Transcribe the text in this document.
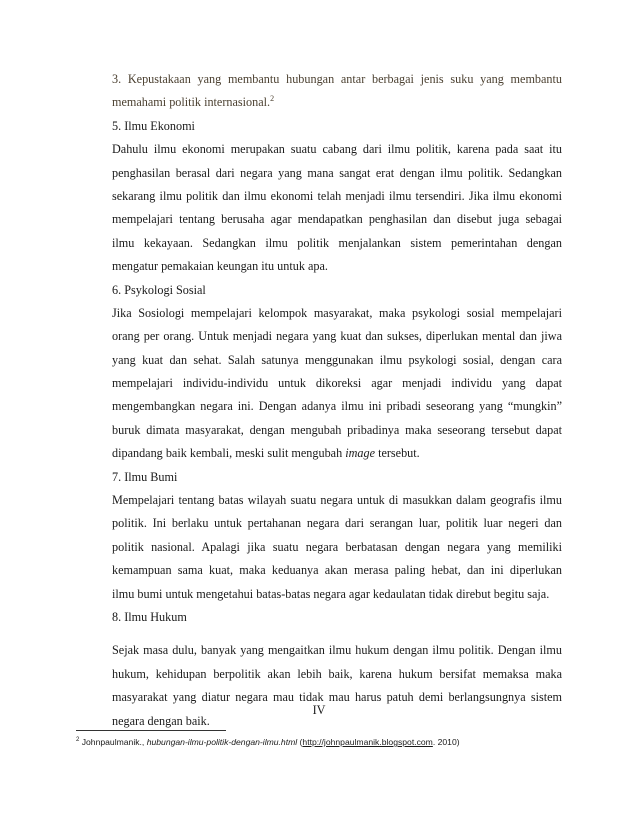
3. Kepustakaan yang membantu hubungan antar berbagai jenis suku yang membantu
memahami politik internasional.$^2$
5. Ilmu Ekonomi
Dahulu ilmu ekonomi merupakan suatu cabang dari ilmu politik, karena pada saat itu
penghasilan berasal dari negara yang mana sangat erat dengan ilmu politik. Sedangkan
sekarang ilmu politik dan ilmu ekonomi telah menjadi ilmu tersendiri. Jika ilmu ekonomi
mempelajari tentang berusaha agar mendapatkan penghasilan dan disebut juga sebagai
ilmu kekayaan. Sedangkan ilmu politik menjalankan sistem pemerintahan dengan
mengatur pemakaian keungan itu untuk apa.
6. Psykologi Sosial
Jika Sosiologi mempelajari kelompok masyarakat, maka psykologi sosial mempelajari
orang per orang. Untuk menjadi negara yang kuat dan sukses, diperlukan mental dan jiwa
yang kuat dan sehat. Salah satunya menggunakan ilmu psykologi sosial, dengan cara
mempelajari individu-individu untuk dikoreksi agar menjadi individu yang dapat
mengembangkan negara ini. Dengan adanya ilmu ini pribadi seseorang yang “mungkin”
buruk dimata masyarakat, dengan mengubah pribadinya maka seseorang tersebut dapat
dipandang baik kembali, meski sulit mengubah image tersebut.
7. Ilmu Bumi
Mempelajari tentang batas wilayah suatu negara untuk di masukkan dalam geografis ilmu
politik. Ini berlaku untuk pertahanan negara dari serangan luar, politik luar negeri dan
politik nasional. Apalagi jika suatu negara berbatasan dengan negara yang memiliki
kemampuan sama kuat, maka keduanya akan merasa paling hebat, dan ini diperlukan
ilmu bumi untuk mengetahui batas-batas negara agar kedaulatan tidak direbut begitu saja.
8. Ilmu Hukum
Sejak masa dulu, banyak yang mengaitkan ilmu hukum dengan ilmu politik. Dengan ilmu
hukum, kehidupan berpolitik akan lebih baik, karena hukum bersifat memaksa maka
masyarakat yang diatur negara mau tidak mau harus patuh demi berlangsungnya sistem
negara dengan baik.
IV
$^2$ Johnpaulmanik., hubungan-ilmu-politik-dengan-ilmu.html (http://johnpaulmanik.blogspot.com. 2010)
